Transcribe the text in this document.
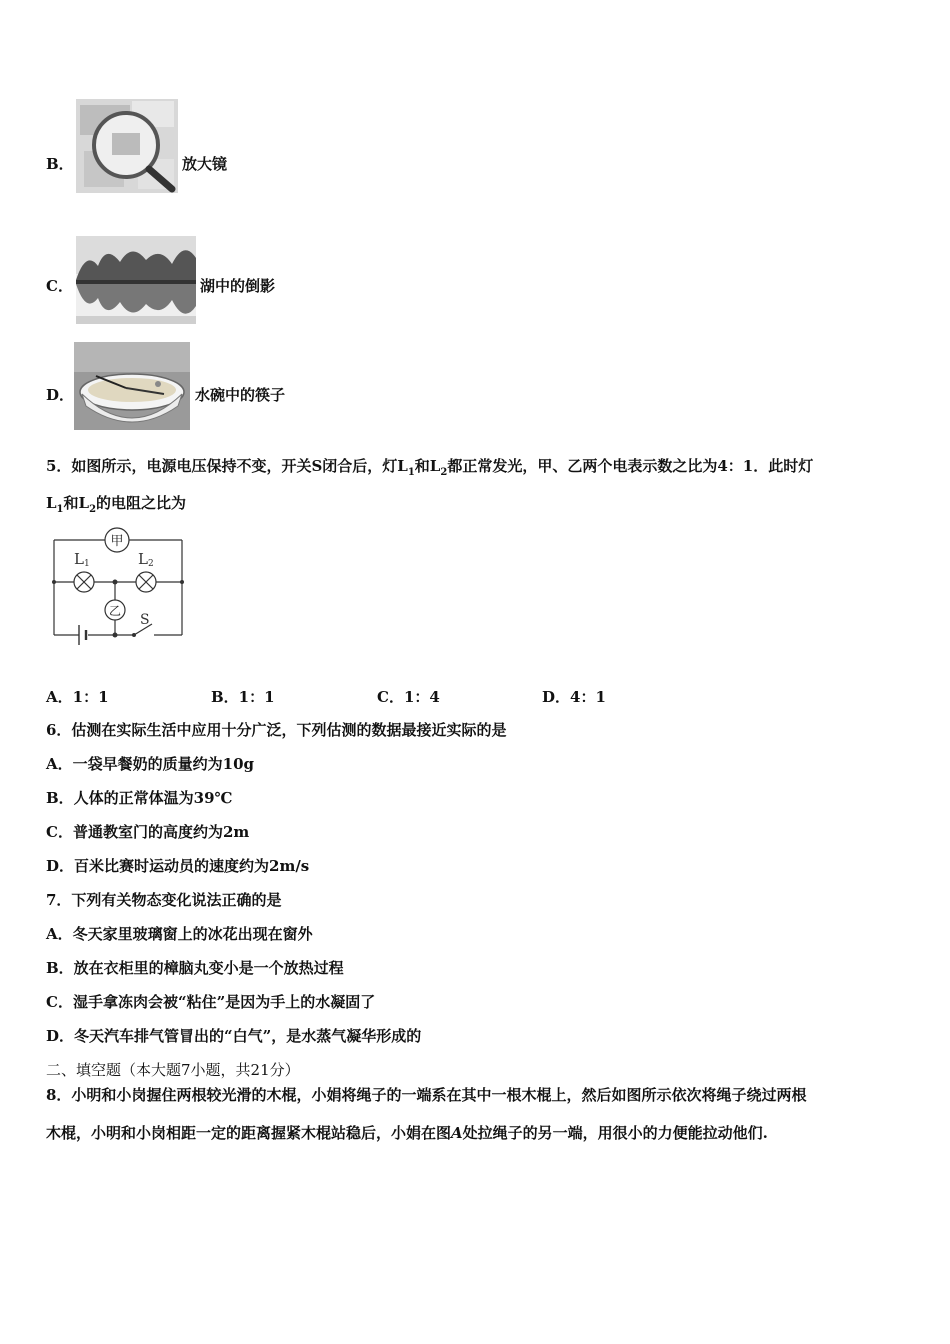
B．	放大镜
C．	湖中的倒影
D．	水碗中的筷子
5．如图所示，电源电压保持不变，开关S闭合后，灯$L_1$和$L_2$都正常发光，甲、乙两个电表示数之比为4：1．此时灯
$L_1$和$L_2$的电阻之比为
甲
乙
L 1	L 2
S
A．1：1	B．1：1	C．1：4	D．4：1
6．估测在实际生活中应用十分广泛，下列估测的数据最接近实际的是
A．一袋早餐奶的质量约为10g
B．人体的正常体温为39℃
C．普通教室门的高度约为2m
D．百米比赛时运动员的速度约为2m/s
7．下列有关物态变化说法正确的是
A．冬天家里玻璃窗上的冰花出现在窗外
B．放在衣柜里的樟脑丸变小是一个放热过程
C．湿手拿冻肉会被“粘住”是因为手上的水凝固了
D．冬天汽车排气管冒出的“白气”，是水蒸气凝华形成的
二、填空题（本大题7小题，共21分）
8．小明和小岗握住两根较光滑的木棍，小娟将绳子的一端系在其中一根木棍上，然后如图所示依次将绳子绕过两根
木棍，小明和小岗相距一定的距离握紧木棍站稳后，小娟在图A处拉绳子的另一端，用很小的力便能拉动他们.
